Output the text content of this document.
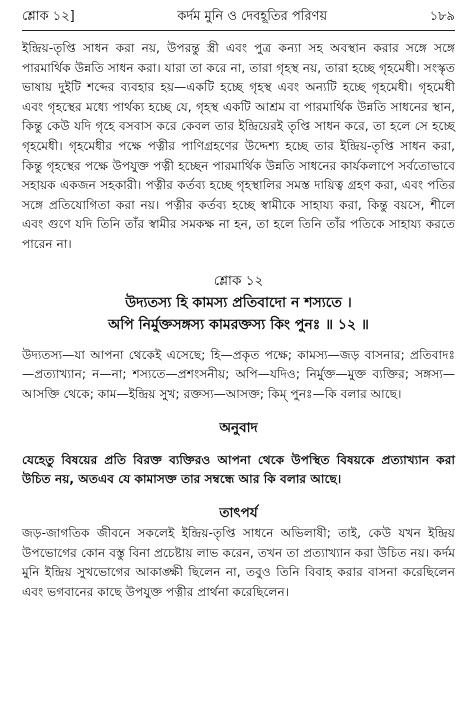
শ্লোক ১২]	কর্দম মুনি ও দেবহূতির পরিণয়	১৮৯

ইন্দ্রিয়-তৃপ্তি সাধন করা নয়, উপরন্তু স্ত্রী এবং পুত্র কন্যা সহ অবস্থান করার সঙ্গে সঙ্গে পারমার্থিক উন্নতি সাধন করা। যারা তা করে না, তারা গৃহস্থ নয়, তারা হচ্ছে গৃহমেধী। সংস্কৃত ভাষায় দুইটি শব্দের ব্যবহার হয়—একটি হচ্ছে গৃহস্থ এবং অন্যটি হচ্ছে গৃহমেধী। গৃহমেধী এবং গৃহস্থের মধ্যে পার্থক্য হচ্ছে যে, গৃহস্থ একটি আশ্রম বা পারমার্থিক উন্নতি সাধনের স্থান, কিন্তু কেউ যদি গৃহে বসবাস করে কেবল তার ইন্দ্রিয়েরই তৃপ্তি সাধন করে, তা হলে সে হচ্ছে গৃহমেধী। গৃহমেধীর পক্ষে পত্নীর পাণিগ্রহণের উদ্দেশ্য হচ্ছে তার ইন্দ্রিয়-তৃপ্তি সাধন করা, কিন্তু গৃহস্থের পক্ষে উপযুক্ত পত্নী হচ্ছেন পারমার্থিক উন্নতি সাধনের কার্যকলাপে সর্বতোভাবে সহায়ক একজন সহকারী। পত্নীর কর্তব্য হচ্ছে গৃহস্থালির সমস্ত দায়িত্ব গ্রহণ করা, এবং পতির সঙ্গে প্রতিযোগিতা করা নয়। পত্নীর কর্তব্য হচ্ছে স্বামীকে সাহায্য করা, কিন্তু বয়সে, শীলে এবং গুণে যদি তিনি তাঁর স্বামীর সমকক্ষ না হন, তা হলে তিনি তাঁর পতিকে সাহায্য করতে পারেন না।

শ্লোক ১২
উদ্যতস্য হি কামস্য প্রতিবাদো ন শস্যতে ।
অপি নির্মুক্তসঙ্গস্য কামরক্তস্য কিং পুনঃ ॥ ১২ ॥

উদ্যতস্য—যা আপনা থেকেই এসেছে; হি—প্রকৃত পক্ষে; কামস্য—জড় বাসনার; প্রতিবাদঃ—প্রত্যাখ্যান; ন—না; শস্যতে—প্রশংসনীয়; অপি—যদিও; নির্মুক্ত—মুক্ত ব্যক্তির; সঙ্গস্য—আসক্তি থেকে; কাম—ইন্দ্রিয় সুখ; রক্তস্য—আসক্ত; কিম্ পুনঃ—কি বলার আছে।

অনুবাদ

যেহেতু বিষয়ের প্রতি বিরক্ত ব্যক্তিরও আপনা থেকে উপস্থিত বিষয়কে প্রত্যাখ্যান করা উচিত নয়, অতএব যে কামাসক্ত তার সম্বন্ধে আর কি বলার আছে।

তাৎপর্য

জড়-জাগতিক জীবনে সকলেই ইন্দ্রিয়-তৃপ্তি সাধনে অভিলাষী; তাই, কেউ যখন ইন্দ্রিয় উপভোগের কোন বস্তু বিনা প্রচেষ্টায় লাভ করেন, তখন তা প্রত্যাখ্যান করা উচিত নয়। কর্দম মুনি ইন্দ্রিয় সুখভোগের আকাঙ্ক্ষী ছিলেন না, তবুও তিনি বিবাহ করার বাসনা করেছিলেন এবং ভগবানের কাছে উপযুক্ত পত্নীর প্রার্থনা করেছিলেন।
